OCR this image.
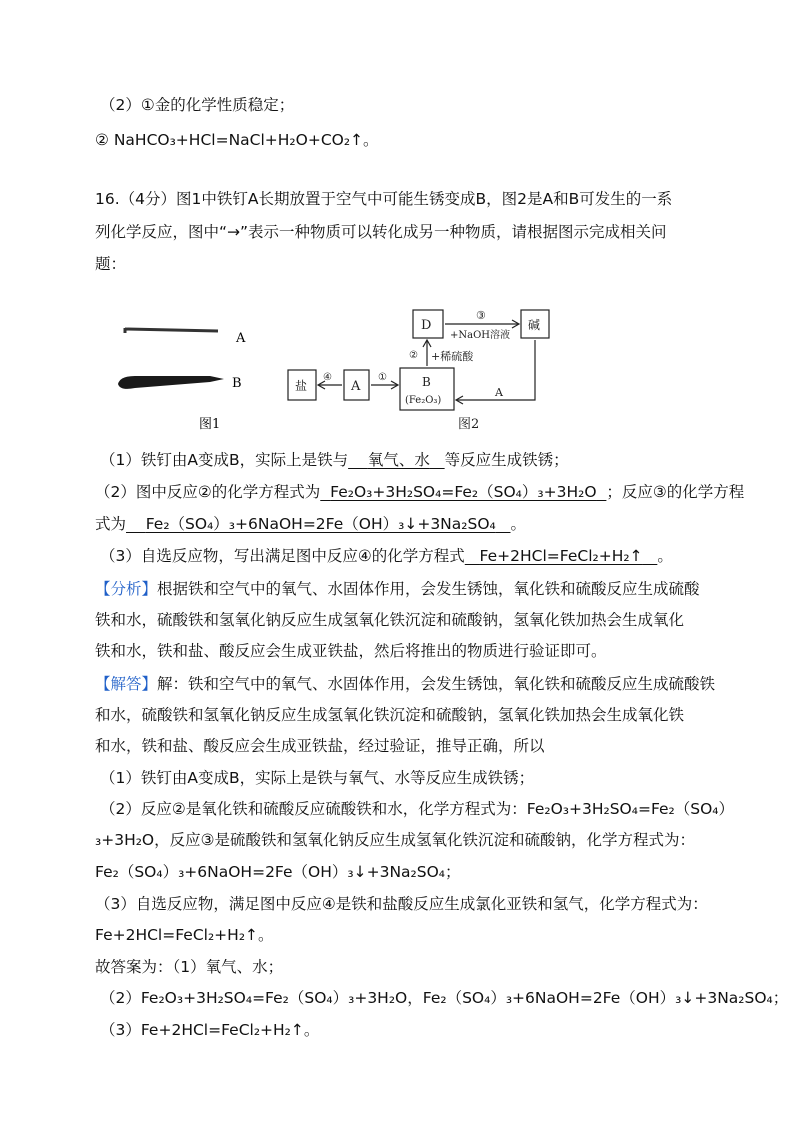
（2）①金的化学性质稳定；
② NaHCO₃+HCl=NaCl+H₂O+CO₂↑。
16.（4分）图1中铁钉A长期放置于空气中可能生锈变成B，图2是A和B可发生的一系
列化学反应，图中“→”表示一种物质可以转化成另一种物质，请根据图示完成相关问
题：
A
B
图1
D	碱
盐	A	B
(Fe₂O₃)
③
+NaOH溶液
② +稀硫酸
④	①
A
图2
（1）铁钉由A变成B，实际上是铁与 氧气、水 等反应生成铁锈；
（2）图中反应②的化学方程式为 Fe₂O₃+3H₂SO₄=Fe₂（SO₄）₃+3H₂O ；反应③的化学方程
式为 Fe₂（SO₄）₃+6NaOH=2Fe（OH）₃↓+3Na₂SO₄ 。
（3）自选反应物，写出满足图中反应④的化学方程式 Fe+2HCl=FeCl₂+H₂↑ 。
【分析】根据铁和空气中的氧气、水固体作用，会发生锈蚀，氧化铁和硫酸反应生成硫酸
铁和水，硫酸铁和氢氧化钠反应生成氢氧化铁沉淀和硫酸钠，氢氧化铁加热会生成氧化
铁和水，铁和盐、酸反应会生成亚铁盐，然后将推出的物质进行验证即可。
【解答】解：铁和空气中的氧气、水固体作用，会发生锈蚀，氧化铁和硫酸反应生成硫酸铁
和水，硫酸铁和氢氧化钠反应生成氢氧化铁沉淀和硫酸钠，氢氧化铁加热会生成氧化铁
和水，铁和盐、酸反应会生成亚铁盐，经过验证，推导正确，所以
（1）铁钉由A变成B，实际上是铁与氧气、水等反应生成铁锈；
（2）反应②是氧化铁和硫酸反应硫酸铁和水，化学方程式为：Fe₂O₃+3H₂SO₄=Fe₂（SO₄）
₃+3H₂O，反应③是硫酸铁和氢氧化钠反应生成氢氧化铁沉淀和硫酸钠，化学方程式为：
Fe₂（SO₄）₃+6NaOH=2Fe（OH）₃↓+3Na₂SO₄；
（3）自选反应物，满足图中反应④是铁和盐酸反应生成氯化亚铁和氢气，化学方程式为：
Fe+2HCl=FeCl₂+H₂↑。
故答案为：（1）氧气、水；
（2）Fe₂O₃+3H₂SO₄=Fe₂（SO₄）₃+3H₂O，Fe₂（SO₄）₃+6NaOH=2Fe（OH）₃↓+3Na₂SO₄；
（3）Fe+2HCl=FeCl₂+H₂↑。
